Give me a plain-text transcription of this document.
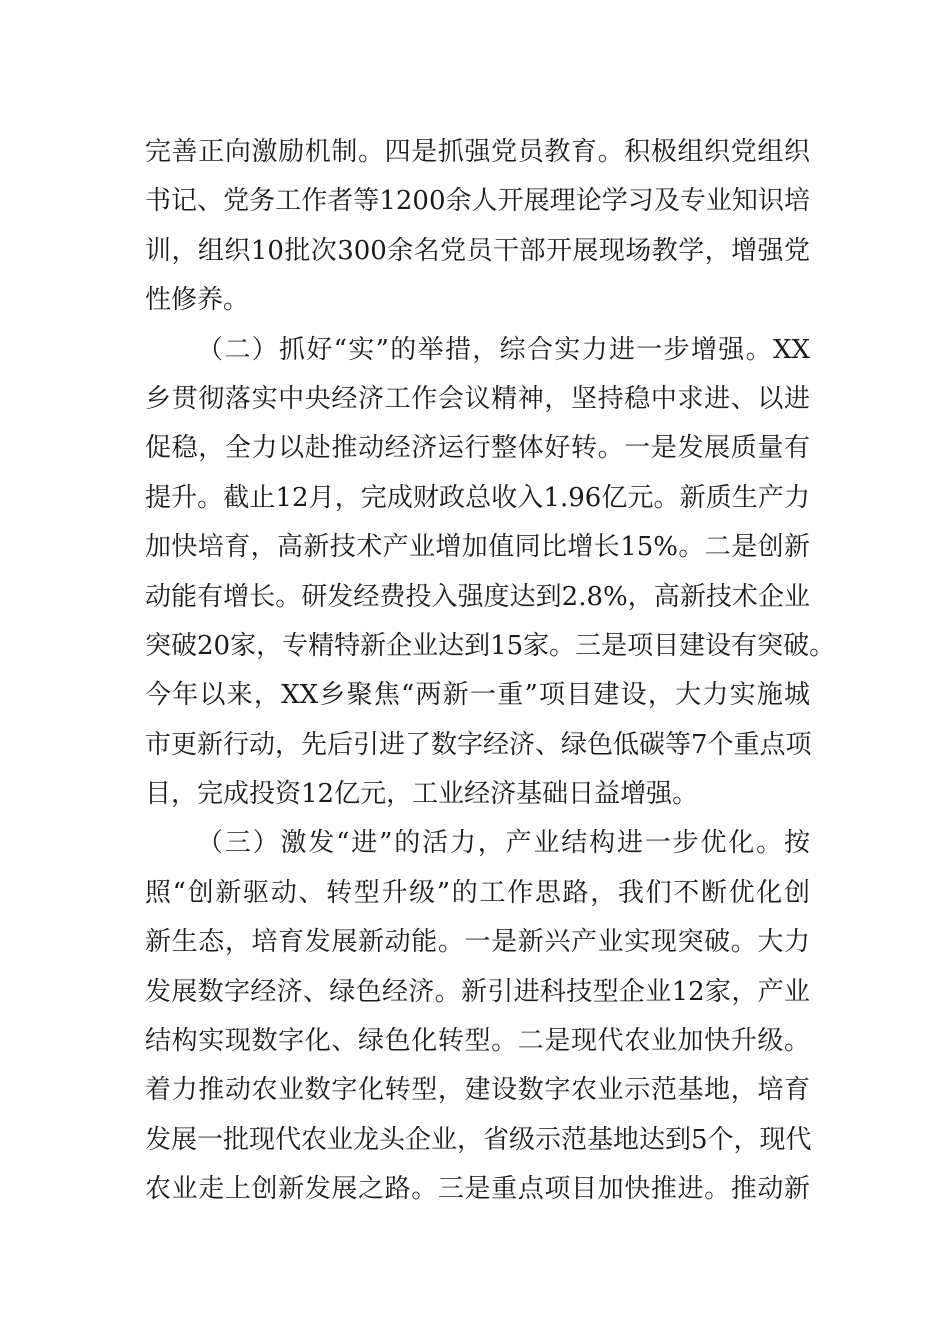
完善正向激励机制。四是抓强党员教育。积极组织党组织
书记、党务工作者等1200余人开展理论学习及专业知识培
训，组织10批次300余名党员干部开展现场教学，增强党
性修养。
（二）抓好“实”的举措，综合实力进一步增强。XX
乡贯彻落实中央经济工作会议精神，坚持稳中求进、以进
促稳，全力以赴推动经济运行整体好转。一是发展质量有
提升。截止12月，完成财政总收入1.96亿元。新质生产力
加快培育，高新技术产业增加值同比增长15%。二是创新
动能有增长。研发经费投入强度达到2.8%，高新技术企业
突破20家，专精特新企业达到15家。三是项目建设有突破。
今年以来，XX乡聚焦“两新一重”项目建设，大力实施城
市更新行动，先后引进了数字经济、绿色低碳等7个重点项
目，完成投资12亿元，工业经济基础日益增强。
（三）激发“进”的活力，产业结构进一步优化。按
照“创新驱动、转型升级”的工作思路，我们不断优化创
新生态，培育发展新动能。一是新兴产业实现突破。大力
发展数字经济、绿色经济。新引进科技型企业12家，产业
结构实现数字化、绿色化转型。二是现代农业加快升级。
着力推动农业数字化转型，建设数字农业示范基地，培育
发展一批现代农业龙头企业，省级示范基地达到5个，现代
农业走上创新发展之路。三是重点项目加快推进。推动新
